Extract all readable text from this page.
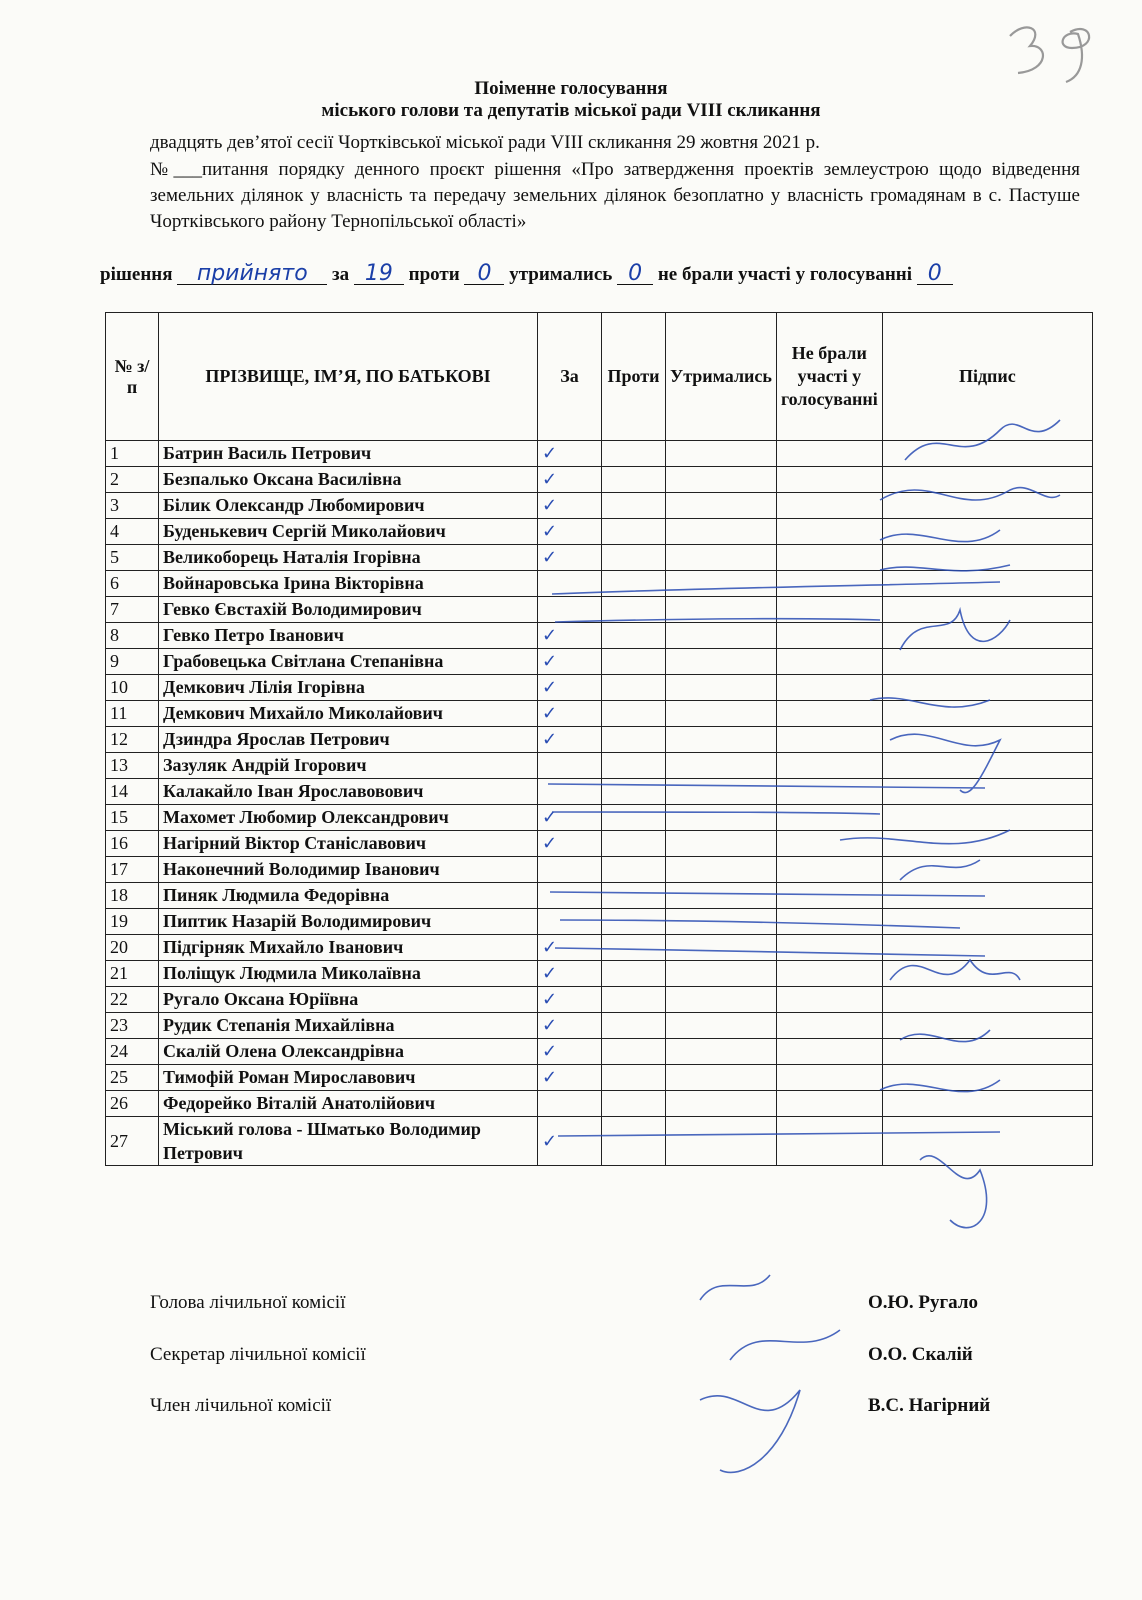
Поіменне голосування
міського голови та депутатів міської ради VIII скликання
двадцять дев’ятої сесії Чортківської міської ради VIII скликання 29 жовтня 2021 р.
№___питання порядку денного проєкт рішення «Про затвердження проектів землеустрою щодо відведення земельних ділянок у власність та передачу земельних ділянок безоплатно у власність громадянам в с. Пастуше Чортківського району Тернопільської області»
рішення прийнято за 19 проти 0 утримались 0 не брали участі у голосуванні 0
№ з/п	ПРІЗВИЩЕ, ІМ’Я, ПО БАТЬКОВІ	За	Проти	Утримались	Не брали участі у голосуванні	Підпис
1	Батрин Василь Петрович	✓				
2	Безпалько Оксана Василівна	✓				
3	Білик Олександр Любомирович	✓				
4	Буденькевич Сергій Миколайович	✓				
5	Великоборець Наталія Ігорівна	✓				
6	Войнаровська Ірина Вікторівна					
7	Гевко Євстахій Володимирович					
8	Гевко Петро Іванович	✓				
9	Грабовецька Світлана Степанівна	✓				
10	Демкович Лілія Ігорівна	✓				
11	Демкович Михайло Миколайович	✓				
12	Дзиндра Ярослав Петрович	✓				
13	Зазуляк Андрій Ігорович					
14	Калакайло Іван Ярославовович					
15	Махомет Любомир Олександрович	✓				
16	Нагірний Віктор Станіславович	✓				
17	Наконечний Володимир Іванович					
18	Пиняк Людмила Федорівна					
19	Пиптик Назарій Володимирович					
20	Підгірняк Михайло Іванович	✓				
21	Поліщук Людмила Миколаївна	✓				
22	Ругало Оксана Юріївна	✓				
23	Рудик Степанія Михайлівна	✓				
24	Скалій Олена Олександрівна	✓				
25	Тимофій Роман Мирославович	✓				
26	Федорейко Віталій Анатолійович					
27	Міський голова - Шматько Володимир Петрович	✓				
Голова лічильної комісії	О.Ю. Ругало
Секретар лічильної комісії	О.О. Скалій
Член лічильної комісії	В.С. Нагірний
